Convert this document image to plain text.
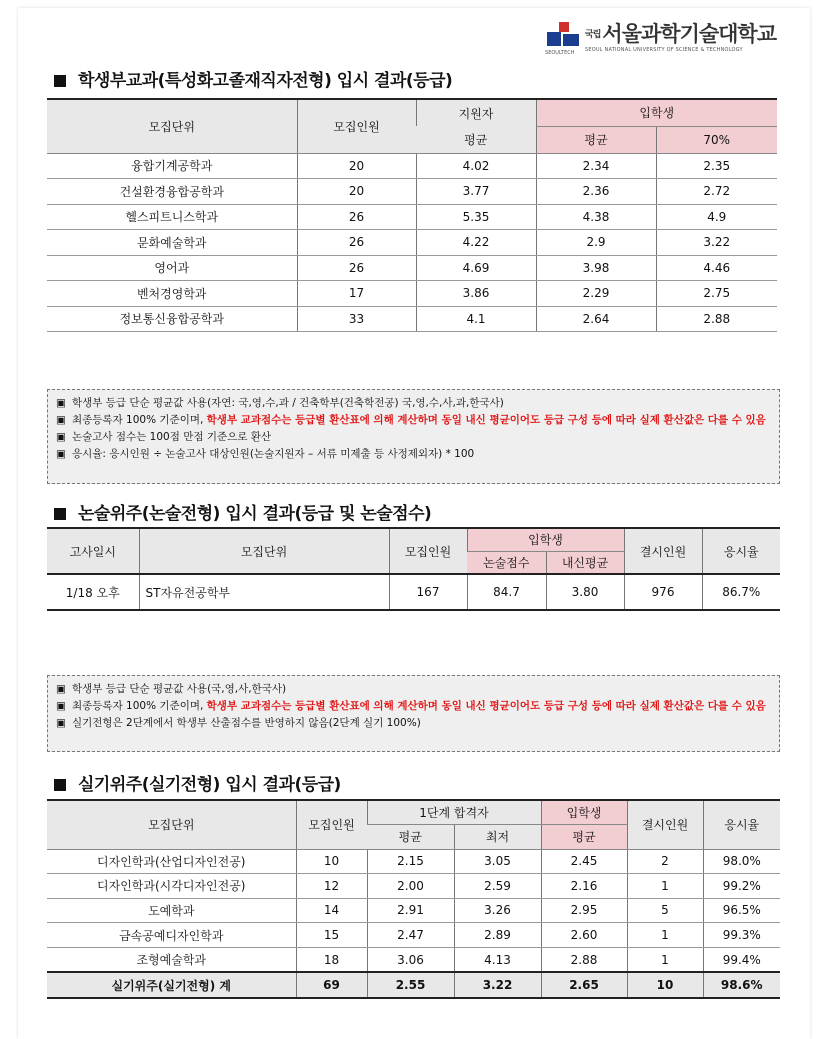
SEOULTECH
국립서울과학기술대학교
SEOUL NATIONAL UNIVERSITY OF SCIENCE & TECHNOLOGY
학생부교과(특성화고졸재직자전형) 입시 결과(등급)
모집단위	모집인원	지원자	입학생	
		평균	평균	70%
융합기계공학과	20	4.02	2.34	2.35
건설환경융합공학과	20	3.77	2.36	2.72
헬스피트니스학과	26	5.35	4.38	4.9
문화예술학과	26	4.22	2.9	3.22
영어과	26	4.69	3.98	4.46
벤처경영학과	17	3.86	2.29	2.75
정보통신융합공학과	33	4.1	2.64	2.88
▣ 학생부 등급 단순 평균값 사용(자연: 국,영,수,과 / 건축학부(건축학전공) 국,영,수,사,과,한국사)
▣ 최종등록자 100% 기준이며, 학생부 교과점수는 등급별 환산표에 의해 계산하며 동일 내신 평균이어도 등급 구성 등에 따라 실제 환산값은 다를 수 있음
▣ 논술고사 점수는 100점 만점 기준으로 환산
▣ 응시율: 응시인원 ÷ 논술고사 대상인원(논술지원자 – 서류 미제출 등 사정제외자) * 100
논술위주(논술전형) 입시 결과(등급 및 논술점수)
고사일시	모집단위	모집인원	입학생		결시인원	응시율
			논술점수	내신평균		
1/18 오후	ST자유전공학부	167	84.7	3.80	976	86.7%
▣ 학생부 등급 단순 평균값 사용(국,영,사,한국사)
▣ 최종등록자 100% 기준이며, 학생부 교과점수는 등급별 환산표에 의해 계산하며 동일 내신 평균이어도 등급 구성 등에 따라 실제 환산값은 다를 수 있음
▣ 실기전형은 2단계에서 학생부 산출점수를 반영하지 않음(2단계 실기 100%)
실기위주(실기전형) 입시 결과(등급)
모집단위	모집인원	1단계 합격자		입학생	결시인원	응시율
		평균	최저	평균		
디자인학과(산업디자인전공)	10	2.15	3.05	2.45	2	98.0%
디자인학과(시각디자인전공)	12	2.00	2.59	2.16	1	99.2%
도예학과	14	2.91	3.26	2.95	5	96.5%
금속공예디자인학과	15	2.47	2.89	2.60	1	99.3%
조형예술학과	18	3.06	4.13	2.88	1	99.4%
실기위주(실기전형) 계	69	2.55	3.22	2.65	10	98.6%
